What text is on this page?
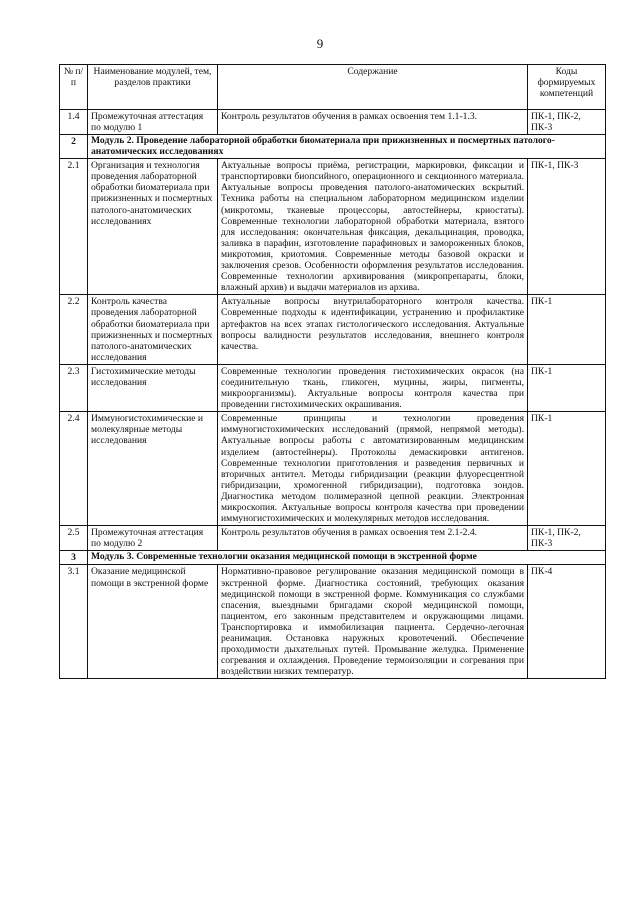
9
№ п/п	Наименование модулей, тем, разделов практики	Содержание	Коды формируемых компетенций
1.4	Промежуточная аттестация по модулю 1	Контроль результатов обучения в рамках освоения тем 1.1-1.3.	ПК-1, ПК-2, ПК-3
2	Модуль 2. Проведение лабораторной обработки биоматериала при прижизненных и посмертных патолого-анатомических исследованиях		
2.1	Организация и технология проведения лабораторной обработки биоматериала при прижизненных и посмертных патолого-анатомических исследованиях	Актуальные вопросы приёма, регистрации, маркировки, фиксации и транспортировки биопсийного, операционного и секционного материала. Актуальные вопросы проведения патолого-анатомических вскрытий. Техника работы на специальном лабораторном медицинском изделии (микротомы, тканевые процессоры, автостейнеры, криостаты). Современные технологии лабораторной обработки материала, взятого для исследования: окончательная фиксация, декальцинация, проводка, заливка в парафин, изготовление парафиновых и замороженных блоков, микротомия, криотомия. Современные методы базовой окраски и заключения срезов. Особенности оформления результатов исследования. Современные технологии архивирования (микропрепараты, блоки, влажный архив) и выдачи материалов из архива.	ПК-1, ПК-3
2.2	Контроль качества проведения лабораторной обработки биоматериала при прижизненных и посмертных патолого-анатомических исследования	Актуальные вопросы внутрилабораторного контроля качества. Современные подходы к идентификации, устранению и профилактике артефактов на всех этапах гистологического исследования. Актуальные вопросы валидности результатов исследования, внешнего контроля качества.	ПК-1
2.3	Гистохимические методы исследования	Современные технологии проведения гистохимических окрасок (на соединительную ткань, гликоген, муцины, жиры, пигменты, микроорганизмы). Актуальные вопросы контроля качества при проведении гистохимических окрашивания.	ПК-1
2.4	Иммуногистохимические и молекулярные методы исследования	Современные принципы и технологии проведения иммуногистохимических исследований (прямой, непрямой методы). Актуальные вопросы работы с автоматизированным медицинским изделием (автостейнеры). Протоколы демаскировки антигенов. Современные технологии приготовления и разведения первичных и вторичных антител. Методы гибридизации (реакции флуоресцентной гибридизации, хромогенной гибридизации), подготовка зондов. Диагностика методом полимеразной цепной реакции. Электронная микроскопия. Актуальные вопросы контроля качества при проведении иммуногистохимических и молекулярных методов исследования.	ПК-1
2.5	Промежуточная аттестация по модулю 2	Контроль результатов обучения в рамках освоения тем 2.1-2.4.	ПК-1, ПК-2, ПК-3
3	Модуль 3. Современные технологии оказания медицинской помощи в экстренной форме		
3.1	Оказание медицинской помощи в экстренной форме	Нормативно-правовое регулирование оказания медицинской помощи в экстренной форме. Диагностика состояний, требующих оказания медицинской помощи в экстренной форме. Коммуникация со службами спасения, выездными бригадами скорой медицинской помощи, пациентом, его законным представителем и окружающими лицами. Транспортировка и иммобилизация пациента. Сердечно-легочная реанимация. Остановка наружных кровотечений. Обеспечение проходимости дыхательных путей. Промывание желудка. Применение согревания и охлаждения. Проведение термоизоляции и согревания при воздействии низких температур.	ПК-4
